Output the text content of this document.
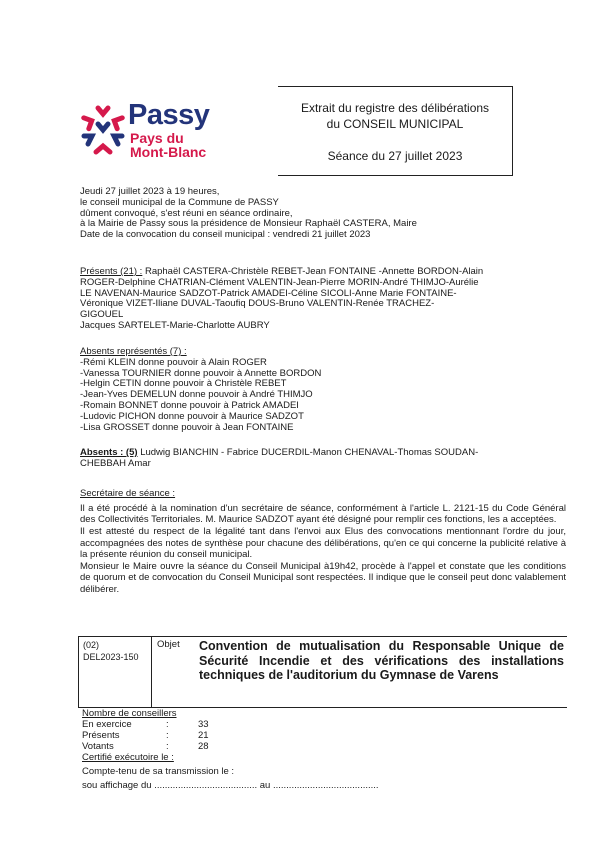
Passy
Pays du
Mont-Blanc
Extrait du registre des délibérations
du CONSEIL MUNICIPAL
Séance du 27 juillet 2023
Jeudi 27 juillet 2023 à 19 heures,
le conseil municipal de la Commune de PASSY
dûment convoqué, s'est réuni en séance ordinaire,
à la Mairie de Passy sous la présidence de Monsieur Raphaël CASTERA, Maire
Date de la convocation du conseil municipal : vendredi 21 juillet 2023
Présents (21) : Raphaël CASTERA-Christèle REBET-Jean FONTAINE -Annette BORDON-Alain
ROGER-Delphine CHATRIAN-Clément VALENTIN-Jean-Pierre MORIN-André THIMJO-Aurélie
LE NAVENAN-Maurice SADZOT-Patrick AMADEI-Céline SICOLI-Anne Marie FONTAINE-
Véronique VIZET-Iliane DUVAL-Taoufiq DOUS-Bruno VALENTIN-Renée TRACHEZ-
GIGOUEL
Jacques SARTELET-Marie-Charlotte AUBRY
Absents représentés (7) :
-Rémi KLEIN donne pouvoir à Alain ROGER
-Vanessa TOURNIER donne pouvoir à Annette BORDON
-Helgin CETIN donne pouvoir à Christèle REBET
-Jean-Yves DEMELUN donne pouvoir à André THIMJO
-Romain BONNET donne pouvoir à Patrick AMADEI
-Ludovic PICHON donne pouvoir à Maurice SADZOT
-Lisa GROSSET donne pouvoir à Jean FONTAINE
Absents : (5) Ludwig BIANCHIN - Fabrice DUCERDIL-Manon CHENAVAL-Thomas SOUDAN-
CHEBBAH Amar
Secrétaire de séance :
Il a été procédé à la nomination d'un secrétaire de séance, conformément à l'article L. 2121-15 du Code Général des Collectivités Territoriales. M. Maurice SADZOT ayant été désigné pour remplir ces fonctions, les a acceptées.
Il est attesté du respect de la légalité tant dans l'envoi aux Elus des convocations mentionnant l'ordre du jour, accompagnées des notes de synthèse pour chacune des délibérations, qu'en ce qui concerne la publicité relative à la présente réunion du conseil municipal.
Monsieur le Maire ouvre la séance du Conseil Municipal à19h42, procède à l'appel et constate que les conditions de quorum et de convocation du Conseil Municipal sont respectées. Il indique que le conseil peut donc valablement délibérer.
(02)
DEL2023-150
Objet Convention de mutualisation du Responsable Unique de Sécurité Incendie et des vérifications des installations techniques de l'auditorium du Gymnase de Varens
Nombre de conseillers
En exercice	:	33
Présents	:	21
Votants	:	28
Certifié exécutoire le :
Compte-tenu de sa transmission le :
sou affichage du ....................................... au ........................................
